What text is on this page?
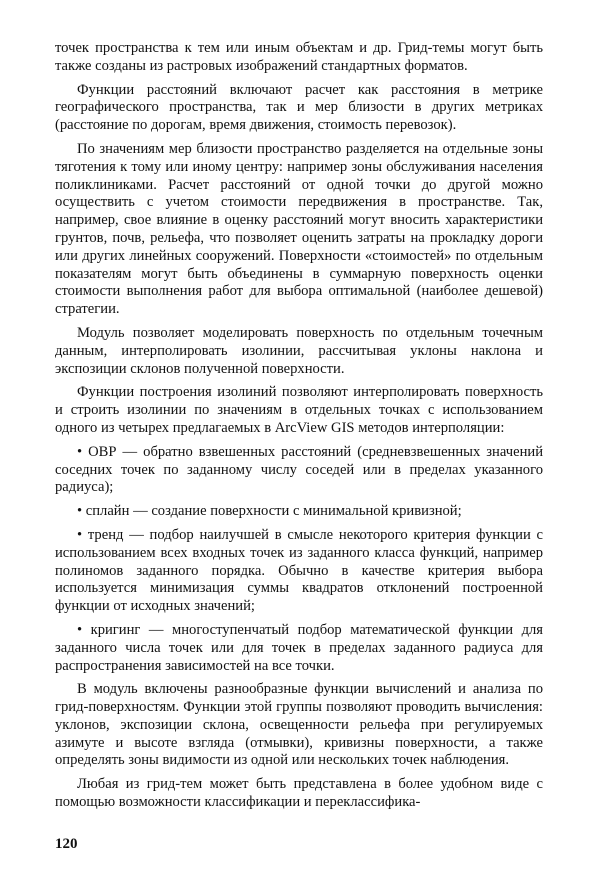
точек пространства к тем или иным объектам и др. Грид-темы могут быть также созданы из растровых изображений стандартных форматов.

Функции расстояний включают расчет как расстояния в метрике географического пространства, так и мер близости в других метриках (расстояние по дорогам, время движения, стоимость перевозок).

По значениям мер близости пространство разделяется на отдельные зоны тяготения к тому или иному центру: например зоны обслуживания населения поликлиниками. Расчет расстояний от одной точки до другой можно осуществить с учетом стоимости передвижения в пространстве. Так, например, свое влияние в оценку расстояний могут вносить характеристики грунтов, почв, рельефа, что позволяет оценить затраты на прокладку дороги или других линейных сооружений. Поверхности «стоимостей» по отдельным показателям могут быть объединены в суммарную поверхность оценки стоимости выполнения работ для выбора оптимальной (наиболее дешевой) стратегии.

Модуль позволяет моделировать поверхность по отдельным точечным данным, интерполировать изолинии, рассчитывая уклоны наклона и экспозиции склонов полученной поверхности.

Функции построения изолиний позволяют интерполировать поверхность и строить изолинии по значениям в отдельных точках с использованием одного из четырех предлагаемых в ArcView GIS методов интерполяции:

• ОВР — обратно взвешенных расстояний (средневзвешенных значений соседних точек по заданному числу соседей или в пределах указанного радиуса);

• сплайн — создание поверхности с минимальной кривизной;

• тренд — подбор наилучшей в смысле некоторого критерия функции с использованием всех входных точек из заданного класса функций, например полиномов заданного порядка. Обычно в качестве критерия выбора используется минимизация суммы квадратов отклонений построенной функции от исходных значений;

• кригинг — многоступенчатый подбор математической функции для заданного числа точек или для точек в пределах заданного радиуса для распространения зависимостей на все точки.

В модуль включены разнообразные функции вычислений и анализа по грид-поверхностям. Функции этой группы позволяют проводить вычисления: уклонов, экспозиции склона, освещенности рельефа при регулируемых азимуте и высоте взгляда (отмывки), кривизны поверхности, а также определять зоны видимости из одной или нескольких точек наблюдения.

Любая из грид-тем может быть представлена в более удобном виде с помощью возможности классификации и переклассифика-

120
